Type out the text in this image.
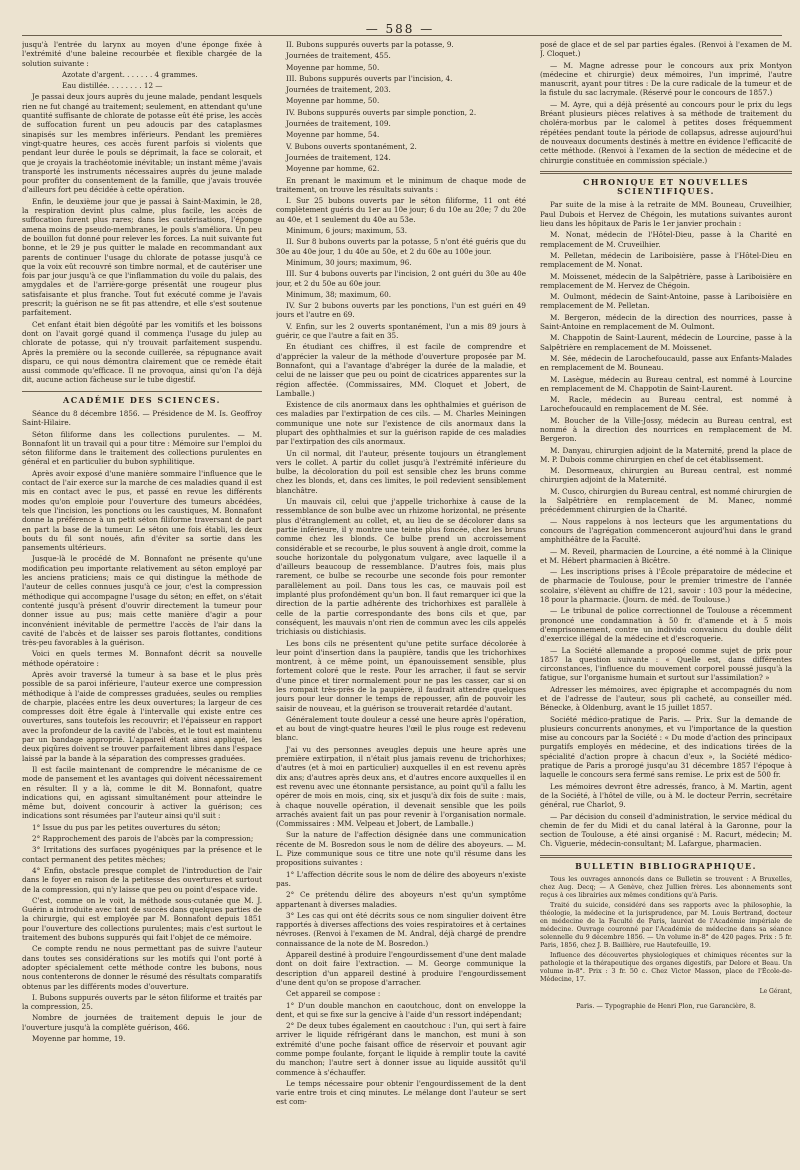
— 588 —

jusqu'à l'entrée du larynx au moyen d'une éponge fixée à l'extrémité d'une baleine recourbée et flexible chargée de la solution suivante :

Azotate d'argent. . . . . . . 4 grammes.

Eau distillée. . . . . . . . 12 —

Je passai deux jours auprès du jeune malade, pendant lesquels rien ne fut changé au traitement; seulement, en attendant qu'une quantité suffisante de chlorate de potasse eût été prise, les accès de suffocation furent un peu adoucis par des cataplasmes sinapisés sur les membres inférieurs. Pendant les premières vingt-quatre heures, ces accès furent parfois si violents que pendant leur durée le pouls se déprimait, la face se colorait, et que je croyais la trachéotomie inévitable; un instant même j'avais transporté les instruments nécessaires auprès du jeune malade pour profiter du consentement de la famille, que j'avais trouvée d'ailleurs fort peu décidée à cette opération.

Enfin, le deuxième jour que je passai à Saint-Maximin, le 28, la respiration devint plus calme, plus facile, les accès de suffocation furent plus rares; dans les cautérisations, l'éponge amena moins de pseudo-membranes, le pouls s'améliora. Un peu de bouillon fut donné pour relever les forces. La nuit suivante fut bonne, et le 29 je pus quitter le malade en recommandant aux parents de continuer l'usage du chlorate de potasse jusqu'à ce que la voix eût recouvré son timbre normal, et de cautériser une fois par jour jusqu'à ce que l'inflammation du voile du palais, des amygdales et de l'arrière-gorge présentât une rougeur plus satisfaisante et plus franche. Tout fut exécuté comme je l'avais prescrit; la guérison ne se fit pas attendre, et elle s'est soutenue parfaitement.

Cet enfant était bien dégoûté par les vomitifs et les boissons dont on l'avait gorgé quand il commença l'usage du julep au chlorate de potasse, qui n'y trouvait parfaitement suspendu. Après la première ou la seconde cuillerée, sa répugnance avait disparu, ce qui nous démontra clairement que ce remède était aussi commode qu'efficace. Il ne provoqua, ainsi qu'on l'a déjà dit, aucune action fâcheuse sur le tube digestif.

ACADÉMIE DES SCIENCES.

Séance du 8 décembre 1856. — Présidence de M. Is. Geoffroy Saint-Hilaire.

Séton filiforme dans les collections purulentes. — M. Bonnafont lit un travail qui a pour titre : Mémoire sur l'emploi du séton filiforme dans le traitement des collections purulentes en général et en particulier du bubon syphilitique.

Après avoir exposé d'une manière sommaire l'influence que le contact de l'air exerce sur la marche de ces maladies quand il est mis en contact avec le pus, et passé en revue les différents modes qu'on emploie pour l'ouverture des tumeurs abcédées, tels que l'incision, les ponctions ou les caustiques, M. Bonnafont donne la préférence à un petit séton filiforme traversant de part en part la base de la tumeur. Le séton une fois établi, les deux bouts du fil sont noués, afin d'éviter sa sortie dans les pansements ultérieurs.

Jusque-là le procédé de M. Bonnafont ne présente qu'une modification peu importante relativement au séton employé par les anciens praticiens; mais ce qui distingue la méthode de l'auteur de celles connues jusqu'à ce jour, c'est la compression méthodique qui accompagne l'usage du séton; en effet, on s'était contenté jusqu'à présent d'ouvrir directement la tumeur pour donner issue au pus; mais cette manière d'agir a pour inconvénient inévitable de permettre l'accès de l'air dans la cavité de l'abcès et de laisser ses parois flottantes, conditions très-peu favorables à la guérison.

Voici en quels termes M. Bonnafont décrit sa nouvelle méthode opératoire :

Après avoir traversé la tumeur à sa base et le plus près possible de sa paroi inférieure, l'auteur exerce une compression méthodique à l'aide de compresses graduées, seules ou remplies de charpie, placées entre les deux ouvertures; la largeur de ces compresses doit être égale à l'intervalle qui existe entre ces ouvertures, sans toutefois les recouvrir; et l'épaisseur en rapport avec la profondeur de la cavité de l'abcès, et le tout est maintenu par un bandage approprié. L'appareil étant ainsi appliqué, les deux piqûres doivent se trouver parfaitement libres dans l'espace laissé par la bande à la séparation des compresses graduées.

Il est facile maintenant de comprendre le mécanisme de ce mode de pansement et les avantages qui doivent nécessairement en résulter. Il y a là, comme le dit M. Bonnafont, quatre indications qui, en agissant simultanément pour atteindre le même but, doivent concourir à activer la guérison; ces indications sont résumées par l'auteur ainsi qu'il suit :

1° Issue du pus par les petites ouvertures du séton;

2° Rapprochement des parois de l'abcès par la compression;

3° Irritations des surfaces pyogéniques par la présence et le contact permanent des petites mèches;

4° Enfin, obstacle presque complet de l'introduction de l'air dans le foyer en raison de la petitesse des ouvertures et surtout de la compression, qui n'y laisse que peu ou point d'espace vide.

C'est, comme on le voit, la méthode sous-cutanée que M. J. Guérin a introduite avec tant de succès dans quelques parties de la chirurgie, qui est employée par M. Bonnafont depuis 1851 pour l'ouverture des collections purulentes; mais c'est surtout le traitement des bubons suppurés qui fait l'objet de ce mémoire.

Ce compte rendu ne nous permettant pas de suivre l'auteur dans toutes ses considérations sur les motifs qui l'ont porté à adopter spécialement cette méthode contre les bubons, nous nous contenterons de donner le résumé des résultats comparatifs obtenus par les différents modes d'ouverture.

I. Bubons suppurés ouverts par le séton filiforme et traités par la compression, 25.

Nombre de journées de traitement depuis le jour de l'ouverture jusqu'à la complète guérison, 466.

Moyenne par homme, 19.

II. Bubons suppurés ouverts par la potasse, 9.

Journées de traitement, 455.

Moyenne par homme, 50.

III. Bubons suppurés ouverts par l'incision, 4.

Journées de traitement, 203.

Moyenne par homme, 50.

IV. Bubons suppurés ouverts par simple ponction, 2.

Journées de traitement, 109.

Moyenne par homme, 54.

V. Bubons ouverts spontanément, 2.

Journées de traitement, 124.

Moyenne par homme, 62.

En prenant le maximum et le minimum de chaque mode de traitement, on trouve les résultats suivants :

I. Sur 25 bubons ouverts par le séton filiforme, 11 ont été complètement guéris du 1er au 10e jour; 6 du 10e au 20e; 7 du 20e au 40e, et 1 seulement du 40e au 53e.

Minimum, 6 jours; maximum, 53.

II. Sur 8 bubons ouverts par la potasse, 5 n'ont été guéris que du 30e au 40e jour, 1 du 40e au 50e, et 2 du 60e au 100e jour.

Minimum, 30 jours; maximum, 96.

III. Sur 4 bubons ouverts par l'incision, 2 ont guéri du 30e au 40e jour, et 2 du 50e au 60e jour.

Minimum, 38; maximum, 60.

IV. Sur 2 bubons ouverts par les ponctions, l'un est guéri en 49 jours et l'autre en 69.

V. Enfin, sur les 2 ouverts spontanément, l'un a mis 89 jours à guérir, ce que l'autre a fait en 35.

En étudiant ces chiffres, il est facile de comprendre et d'apprécier la valeur de la méthode d'ouverture proposée par M. Bonnafont, qui a l'avantage d'abréger la durée de la maladie, et celui de ne laisser que peu ou point de cicatrices apparentes sur la région affectée. (Commissaires, MM. Cloquet et Jobert, de Lamballe.)

Existence de cils anormaux dans les ophthalmies et guérison de ces maladies par l'extirpation de ces cils. — M. Charles Meiningen communique une note sur l'existence de cils anormaux dans la plupart des ophthalmies et sur la guérison rapide de ces maladies par l'extirpation des cils anormaux.

Un cil normal, dit l'auteur, présente toujours un étranglement vers le collet. A partir du collet jusqu'à l'extrémité inférieure du bulbe, la décoloration du poil est sensible chez les bruns comme chez les blonds, et, dans ces limites, le poil redevient sensiblement blanchâtre.

Un mauvais cil, celui que j'appelle trichorhixe à cause de la ressemblance de son bulbe avec un rhizome horizontal, ne présente plus d'étranglement au collet, et, au lieu de se décolorer dans sa partie inférieure, il y montre une teinte plus foncée, chez les bruns comme chez les blonds. Ce bulbe prend un accroissement considérable et se recourbe, le plus souvent à angle droit, comme la souche horizontale du polygonatum vulgare, avec laquelle il a d'ailleurs beaucoup de ressemblance. D'autres fois, mais plus rarement, ce bulbe se recourbe une seconde fois pour remonter parallèlement au poil. Dans tous les cas, ce mauvais poil est implanté plus profondément qu'un bon. Il faut remarquer ici que la direction de la partie adhérente des trichorhixes est parallèle à celle de la partie correspondante des bons cils et que, par conséquent, les mauvais n'ont rien de commun avec les cils appelés trichiasis ou distichiasis.

Les bons cils ne présentent qu'une petite surface décolorée à leur point d'insertion dans la paupière, tandis que les trichorhixes montrent, à ce même point, un épanouissement sensible, plus fortement coloré que le reste. Pour les arracher, il faut se servir d'une pince et tirer normalement pour ne pas les casser, car si on les rompait très-près de la paupière, il faudrait attendre quelques jours pour leur donner le temps de repousser, afin de pouvoir les saisir de nouveau, et la guérison se trouverait retardée d'autant.

Généralement toute douleur a cessé une heure après l'opération, et au bout de vingt-quatre heures l'œil le plus rouge est redevenu blanc.

J'ai vu des personnes aveugles depuis une heure après une première extirpation, il n'était plus jamais revenu de trichorhixes; d'autres (et à moi en particulier) auxquelles il en est revenu après dix ans; d'autres après deux ans, et d'autres encore auxquelles il en est revenu avec une étonnante persistance, au point qu'il a fallu les opérer de mois en mois, cinq, six et jusqu'à dix fois de suite : mais, à chaque nouvelle opération, il devenait sensible que les poils arrachés avaient fait un pas pour revenir à l'organisation normale. (Commissaires : MM. Velpeau et Jobert, de Lamballe.)

Sur la nature de l'affection désignée dans une communication récente de M. Bosredon sous le nom de délire des aboyeurs. — M. L. Pize communique sous ce titre une note qu'il résume dans les propositions suivantes :

1° L'affection décrite sous le nom de délire des aboyeurs n'existe pas.

2° Ce prétendu délire des aboyeurs n'est qu'un symptôme appartenant à diverses maladies.

3° Les cas qui ont été décrits sous ce nom singulier doivent être rapportés à diverses affections des voies respiratoires et à certaines névroses. (Renvoi à l'examen de M. Andral, déjà chargé de prendre connaissance de la note de M. Bosredon.)

Appareil destiné à produire l'engourdissement d'une dent malade dont on doit faire l'extraction. — M. George communique la description d'un appareil destiné à produire l'engourdissement d'une dent qu'on se propose d'arracher.

Cet appareil se compose :

1° D'un double manchon en caoutchouc, dont on enveloppe la dent, et qui se fixe sur la gencive à l'aide d'un ressort indépendant;

2° De deux tubes également en caoutchouc : l'un, qui sert à faire arriver le liquide réfrigérant dans le manchon, est muni à son extrémité d'une poche faisant office de réservoir et pouvant agir comme pompe foulante, forçant le liquide à remplir toute la cavité du manchon; l'autre sert à donner issue au liquide aussitôt qu'il commence à s'échauffer.

Le temps nécessaire pour obtenir l'engourdissement de la dent varie entre trois et cinq minutes. Le mélange dont l'auteur se sert est com-

posé de glace et de sel par parties égales. (Renvoi à l'examen de M. J. Cloquet.)

— M. Magne adresse pour le concours aux prix Montyon (médecine et chirurgie) deux mémoires, l'un imprimé, l'autre manuscrit, ayant pour titres : De la cure radicale de la tumeur et de la fistule du sac lacrymale. (Réservé pour le concours de 1857.)

— M. Ayre, qui a déjà présenté au concours pour le prix du legs Bréant plusieurs pièces relatives à sa méthode de traitement du choléra-morbus par le calomel à petites doses fréquemment répétées pendant toute la période de collapsus, adresse aujourd'hui de nouveaux documents destinés à mettre en évidence l'efficacité de cette méthode. (Renvoi à l'examen de la section de médecine et de chirurgie constituée en commission spéciale.)

CHRONIQUE ET NOUVELLES SCIENTIFIQUES.

Par suite de la mise à la retraite de MM. Bouneau, Cruveilhier, Paul Dubois et Hervez de Chégoin, les mutations suivantes auront lieu dans les hôpitaux de Paris le 1er janvier prochain :

M. Nonat, médecin de l'Hôtel-Dieu, passe à la Charité en remplacement de M. Cruveilhier.

M. Pelletan, médecin de Lariboisière, passe à l'Hôtel-Dieu en remplacement de M. Nonat.

M. Moissenet, médecin de la Salpêtrière, passe à Lariboisière en remplacement de M. Hervez de Chégoin.

M. Oulmont, médecin de Saint-Antoine, passe à Lariboisière en remplacement de M. Pelletan.

M. Bergeron, médecin de la direction des nourrices, passe à Saint-Antoine en remplacement de M. Oulmont.

M. Chappotin de Saint-Laurent, médecin de Lourcine, passe à la Salpêtrière en remplacement de M. Moissenet.

M. Sée, médecin de Larochefoucauld, passe aux Enfants-Malades en remplacement de M. Bouneau.

M. Lasègue, médecin au Bureau central, est nommé à Lourcine en remplacement de M. Chappotin de Saint-Laurent.

M. Racle, médecin au Bureau central, est nommé à Larochefoucauld en remplacement de M. Sée.

M. Boucher de la Ville-Jossy, médecin au Bureau central, est nommé à la direction des nourrices en remplacement de M. Bergeron.

M. Danyau, chirurgien adjoint de la Maternité, prend la place de M. P. Dubois comme chirurgien en chef de cet établissement.

M. Desormeaux, chirurgien au Bureau central, est nommé chirurgien adjoint de la Maternité.

M. Cusco, chirurgien du Bureau central, est nommé chirurgien de la Salpêtrière en remplacement de M. Manec, nommé précédemment chirurgien de la Charité.

— Nous rappelons à nos lecteurs que les argumentations du concours de l'agrégation commenceront aujourd'hui dans le grand amphithéâtre de la Faculté.

— M. Reveil, pharmacien de Lourcine, a été nommé à la Clinique et M. Hébert pharmacien à Bicêtre.

— Les inscriptions prises à l'École préparatoire de médecine et de pharmacie de Toulouse, pour le premier trimestre de l'année scolaire, s'élèvent au chiffre de 121, savoir : 103 pour la médecine, 18 pour la pharmacie. (Journ. de méd. de Toulouse.)

— Le tribunal de police correctionnel de Toulouse a récemment prononcé une condamnation à 50 fr. d'amende et à 5 mois d'emprisonnement, contre un individu convaincu du double délit d'exercice illégal de la médecine et d'escroquerie.

— La Société allemande a proposé comme sujet de prix pour 1857 la question suivante : « Quelle est, dans différentes circonstances, l'influence du mouvement corporel poussé jusqu'à la fatigue, sur l'organisme humain et surtout sur l'assimilation? »

Adresser les mémoires, avec épigraphe et accompagnés du nom et de l'adresse de l'auteur, sous pli cacheté, au conseiller méd. Bénecke, à Oldenburg, avant le 15 juillet 1857.

Société médico-pratique de Paris. — Prix. Sur la demande de plusieurs concurrents anonymes, et vu l'importance de la question mise au concours par la Société : « Du mode d'action des principaux purgatifs employés en médecine, et des indications tirées de la spécialité d'action propre à chacun d'eux », la Société médico-pratique de Paris a prorogé jusqu'au 31 décembre 1857 l'époque à laquelle le concours sera fermé sans remise. Le prix est de 500 fr.

Les mémoires devront être adressés, franco, à M. Martin, agent de la Société, à l'hôtel de ville, ou à M. le docteur Perrin, secrétaire général, rue Charlot, 9.

— Par décision du conseil d'administration, le service médical du chemin de fer du Midi et du canal latéral à la Garonne, pour la section de Toulouse, a été ainsi organisé : M. Racurt, médecin; M. Ch. Viguerie, médecin-consultant; M. Lafargue, pharmacien.

BULLETIN BIBLIOGRAPHIQUE.

Tous les ouvrages annoncés dans ce Bulletin se trouvent : A Bruxelles, chez Aug. Decq; — A Genève, chez Jullien frères. Les abonnements sont reçus à ces librairies aux mêmes conditions qu'à Paris.

Traité du suicide, considéré dans ses rapports avec la philosophie, la théologie, la médecine et la jurisprudence, par M. Louis Bertrand, docteur en médecine de la Faculté de Paris, lauréat de l'Académie impériale de médecine. Ouvrage couronné par l'Académie de médecine dans sa séance solennelle du 9 décembre 1856. — Un volume in-8° de 420 pages. Prix : 5 fr. Paris, 1856, chez J. B. Baillière, rue Hautefeuille, 19.

Influence des découvertes physiologiques et chimiques récentes sur la pathologie et la thérapeutique des organes digestifs, par Delore et Beau. Un volume in-8°. Prix : 3 fr. 50 c. Chez Victor Masson, place de l'École-de-Médecine, 17.

Le Gérant,

Paris. — Typographie de Henri Plon, rue Garancière, 8.
